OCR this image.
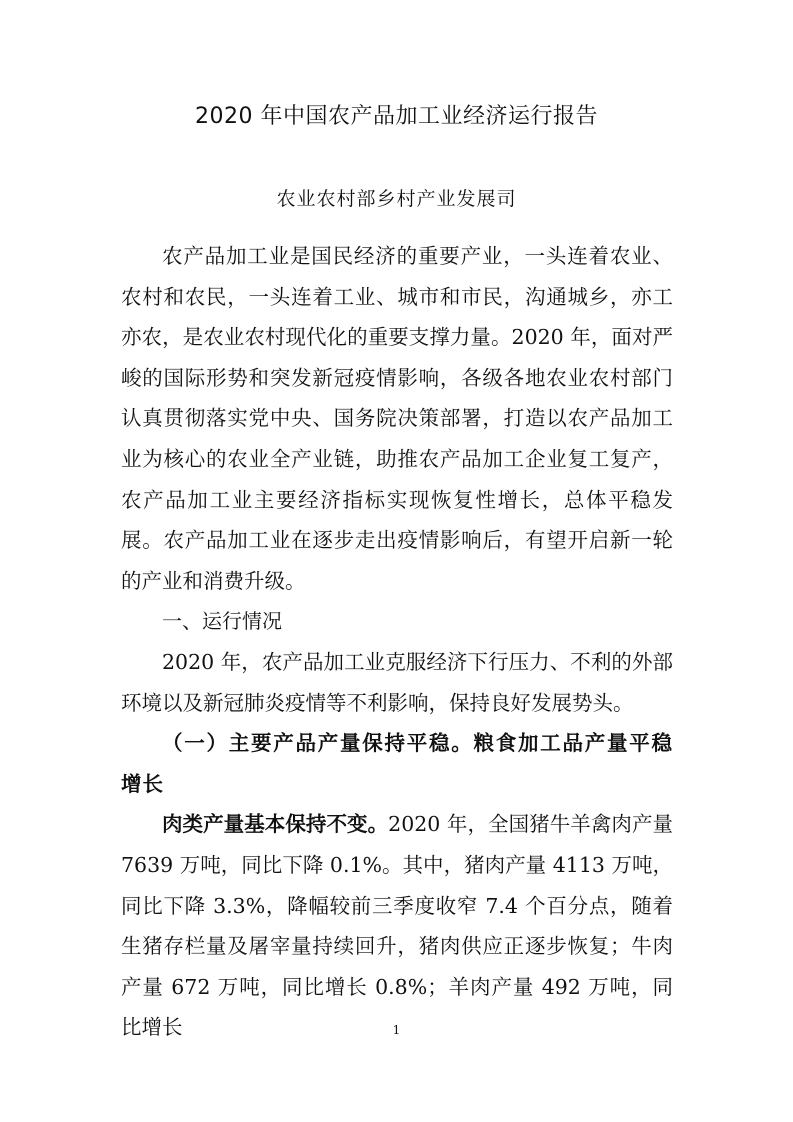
2020 年中国农产品加工业经济运行报告

农业农村部乡村产业发展司

农产品加工业是国民经济的重要产业，一头连着农业、农村和农民，一头连着工业、城市和市民，沟通城乡，亦工亦农，是农业农村现代化的重要支撑力量。2020 年，面对严峻的国际形势和突发新冠疫情影响，各级各地农业农村部门认真贯彻落实党中央、国务院决策部署，打造以农产品加工业为核心的农业全产业链，助推农产品加工企业复工复产，农产品加工业主要经济指标实现恢复性增长，总体平稳发展。农产品加工业在逐步走出疫情影响后，有望开启新一轮的产业和消费升级。

一、运行情况

2020 年，农产品加工业克服经济下行压力、不利的外部环境以及新冠肺炎疫情等不利影响，保持良好发展势头。

（一）主要产品产量保持平稳。粮食加工品产量平稳增长

肉类产量基本保持不变。2020 年，全国猪牛羊禽肉产量 7639 万吨，同比下降 0.1%。其中，猪肉产量 4113 万吨，同比下降 3.3%，降幅较前三季度收窄 7.4 个百分点，随着生猪存栏量及屠宰量持续回升，猪肉供应正逐步恢复；牛肉产量 672 万吨，同比增长 0.8%；羊肉产量 492 万吨，同比增长	1
